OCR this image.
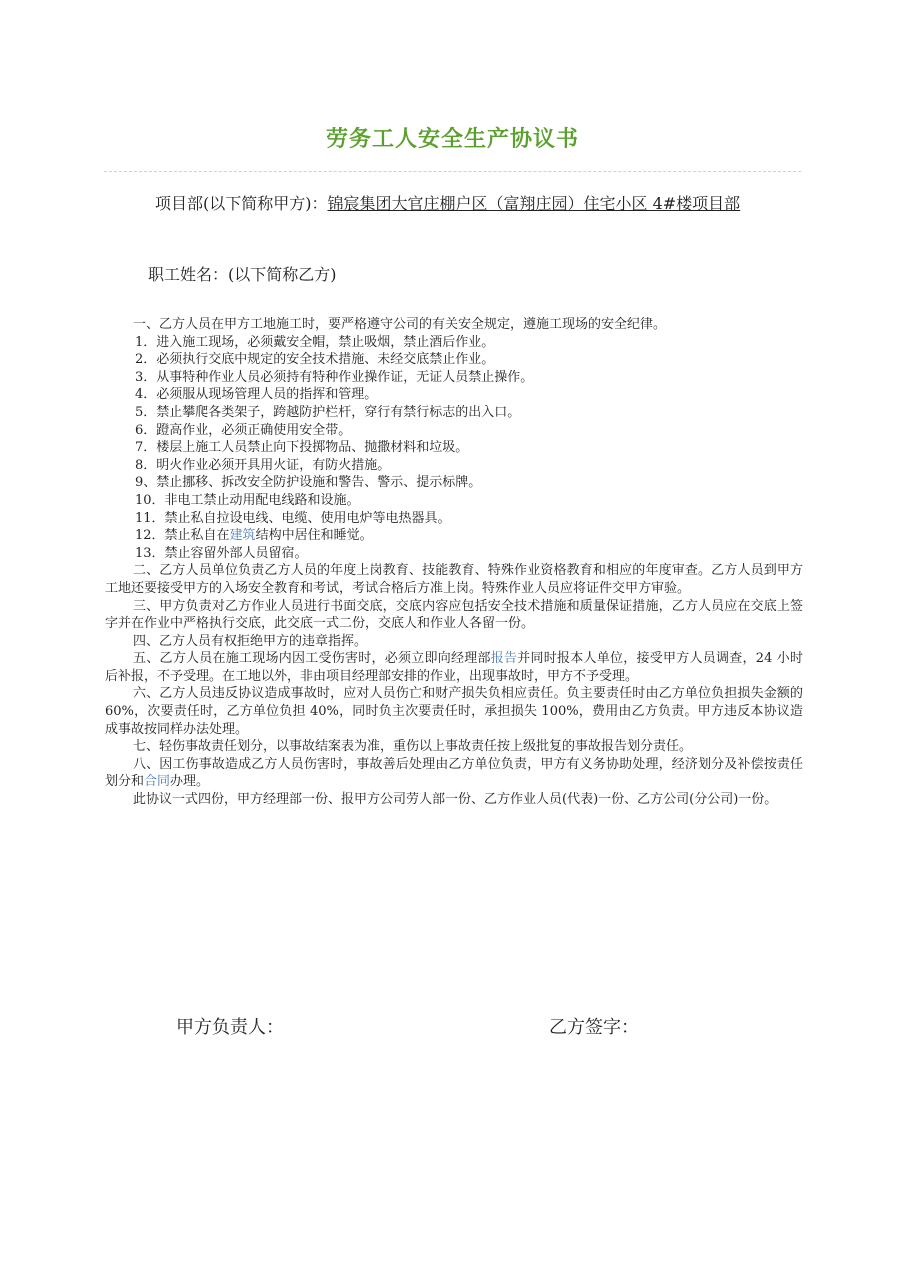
劳务工人安全生产协议书
项目部(以下简称甲方)：锦宸集团大官庄棚户区（富翔庄园）住宅小区 4#楼项目部
职工姓名：(以下简称乙方)

一、乙方人员在甲方工地施工时，要严格遵守公司的有关安全规定，遵施工现场的安全纪律。

1．进入施工现场，必须戴安全帽，禁止吸烟，禁止酒后作业。

2．必须执行交底中规定的安全技术措施、未经交底禁止作业。

3．从事特种作业人员必须持有特种作业操作证，无证人员禁止操作。

4．必须服从现场管理人员的指挥和管理。

5．禁止攀爬各类架子，跨越防护栏杆，穿行有禁行标志的出入口。

6．蹬高作业，必须正确使用安全带。

7．楼层上施工人员禁止向下投掷物品、抛撒材料和垃圾。

8．明火作业必须开具用火证，有防火措施。

9、禁止挪移、拆改安全防护设施和警告、警示、提示标牌。

10．非电工禁止动用配电线路和设施。

11．禁止私自拉设电线、电缆、使用电炉等电热器具。

12．禁止私自在建筑结构中居住和睡觉。

13．禁止容留外部人员留宿。

二、乙方人员单位负责乙方人员的年度上岗教育、技能教育、特殊作业资格教育和相应的年度审查。乙方人员到甲方工地还要接受甲方的入场安全教育和考试，考试合格后方准上岗。特殊作业人员应将证件交甲方审验。

三、甲方负责对乙方作业人员进行书面交底，交底内容应包括安全技术措施和质量保证措施，乙方人员应在交底上签字并在作业中严格执行交底，此交底一式二份，交底人和作业人各留一份。

四、乙方人员有权拒绝甲方的违章指挥。

五、乙方人员在施工现场内因工受伤害时，必须立即向经理部报告并同时报本人单位，接受甲方人员调查，24 小时后补报，不予受理。在工地以外，非由项目经理部安排的作业，出现事故时，甲方不予受理。

六、乙方人员违反协议造成事故时，应对人员伤亡和财产损失负相应责任。负主要责任时由乙方单位负担损失金额的 60%，次要责任时，乙方单位负担 40%，同时负主次要责任时，承担损失 100%，费用由乙方负责。甲方违反本协议造成事故按同样办法处理。

七、轻伤事故责任划分，以事故结案表为准，重伤以上事故责任按上级批复的事故报告划分责任。

八、因工伤事故造成乙方人员伤害时，事故善后处理由乙方单位负责，甲方有义务协助处理，经济划分及补偿按责任划分和合同办理。

此协议一式四份，甲方经理部一份、报甲方公司劳人部一份、乙方作业人员(代表)一份、乙方公司(分公司)一份。

甲方负责人：	乙方签字：
